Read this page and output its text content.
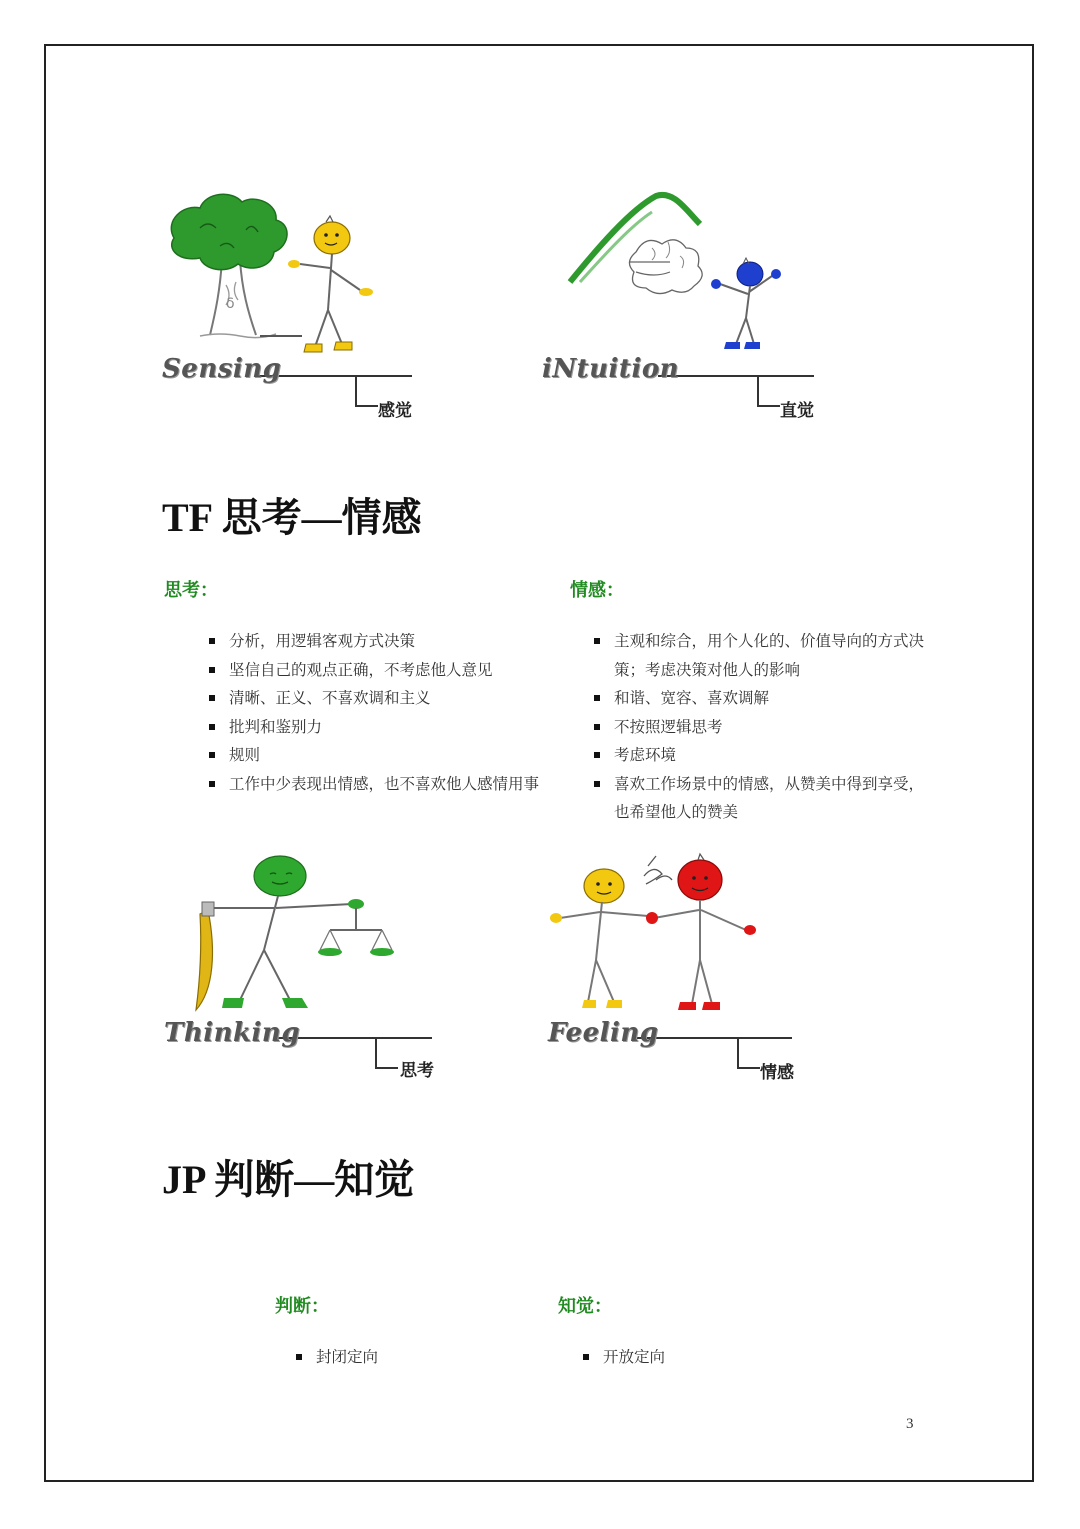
δ
Sensing
感觉
iNtuition
直觉
TF 思考—情感
思考：
分析，用逻辑客观方式决策
坚信自己的观点正确，不考虑他人意见
清晰、正义、不喜欢调和主义
批判和鉴别力
规则
工作中少表现出情感，也不喜欢他人感情用事
情感：
主观和综合，用个人化的、价值导向的方式决策；考虑决策对他人的影响
和谐、宽容、喜欢调解
不按照逻辑思考
考虑环境
喜欢工作场景中的情感，从赞美中得到享受，也希望他人的赞美
Thinking
思考
Feeling
情感
JP 判断—知觉
判断：
封闭定向
知觉：
开放定向
3
